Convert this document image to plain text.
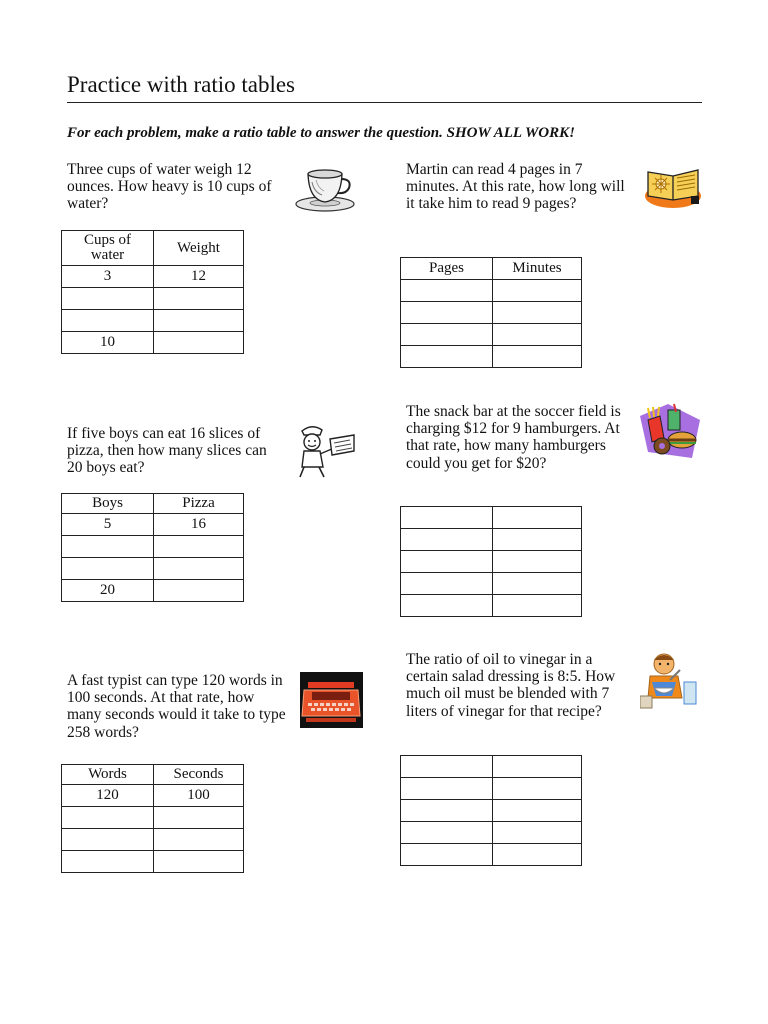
Practice with ratio tables
For each problem, make a ratio table to answer the question. SHOW ALL WORK!
Three cups of water weigh 12 ounces. How heavy is 10 cups of water?
Cups of water	Weight
3	12

10	
Martin can read 4 pages in 7 minutes. At this rate, how long will it take him to read 9 pages?
Pages	Minutes

If five boys can eat 16 slices of pizza, then how many slices can 20 boys eat?
Boys	Pizza
5	16

20	
The snack bar at the soccer field is charging $12 for 9 hamburgers. At that rate, how many hamburgers could you get for $20?

A fast typist can type 120 words in 100 seconds. At that rate, how many seconds would it take to type 258 words?
Words	Seconds
120	100

The ratio of oil to vinegar in a certain salad dressing is 8:5. How much oil must be blended with 7 liters of vinegar for that recipe?
